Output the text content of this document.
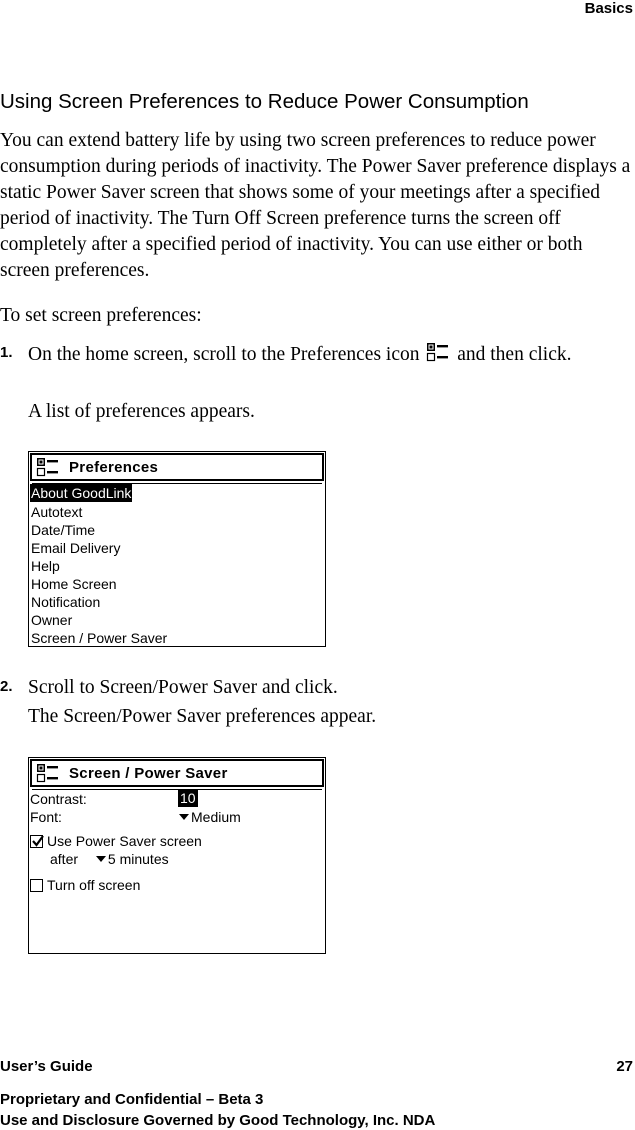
Basics
Using Screen Preferences to Reduce Power Consumption

You can extend battery life by using two screen preferences to reduce power consumption during periods of inactivity. The Power Saver preference displays a static Power Saver screen that shows some of your meetings after a specified period of inactivity. The Turn Off Screen preference turns the screen off completely after a specified period of inactivity. You can use either or both screen preferences.

To set screen preferences:

1. On the home screen, scroll to the Preferences icon and then click.

A list of preferences appears.

Preferences
About GoodLink

Autotext
Date/Time
Email Delivery
Help
Home Screen
Notification
Owner
Screen / Power Saver
2. Scroll to Screen/Power Saver and click.

The Screen/Power Saver preferences appear.

Screen / Power Saver
Contrast:	10
Font:	Medium
Use Power Saver screen
after 5 minutes
Turn off screen
User’s Guide	27
Proprietary and Confidential – Beta 3
Use and Disclosure Governed by Good Technology, Inc. NDA
